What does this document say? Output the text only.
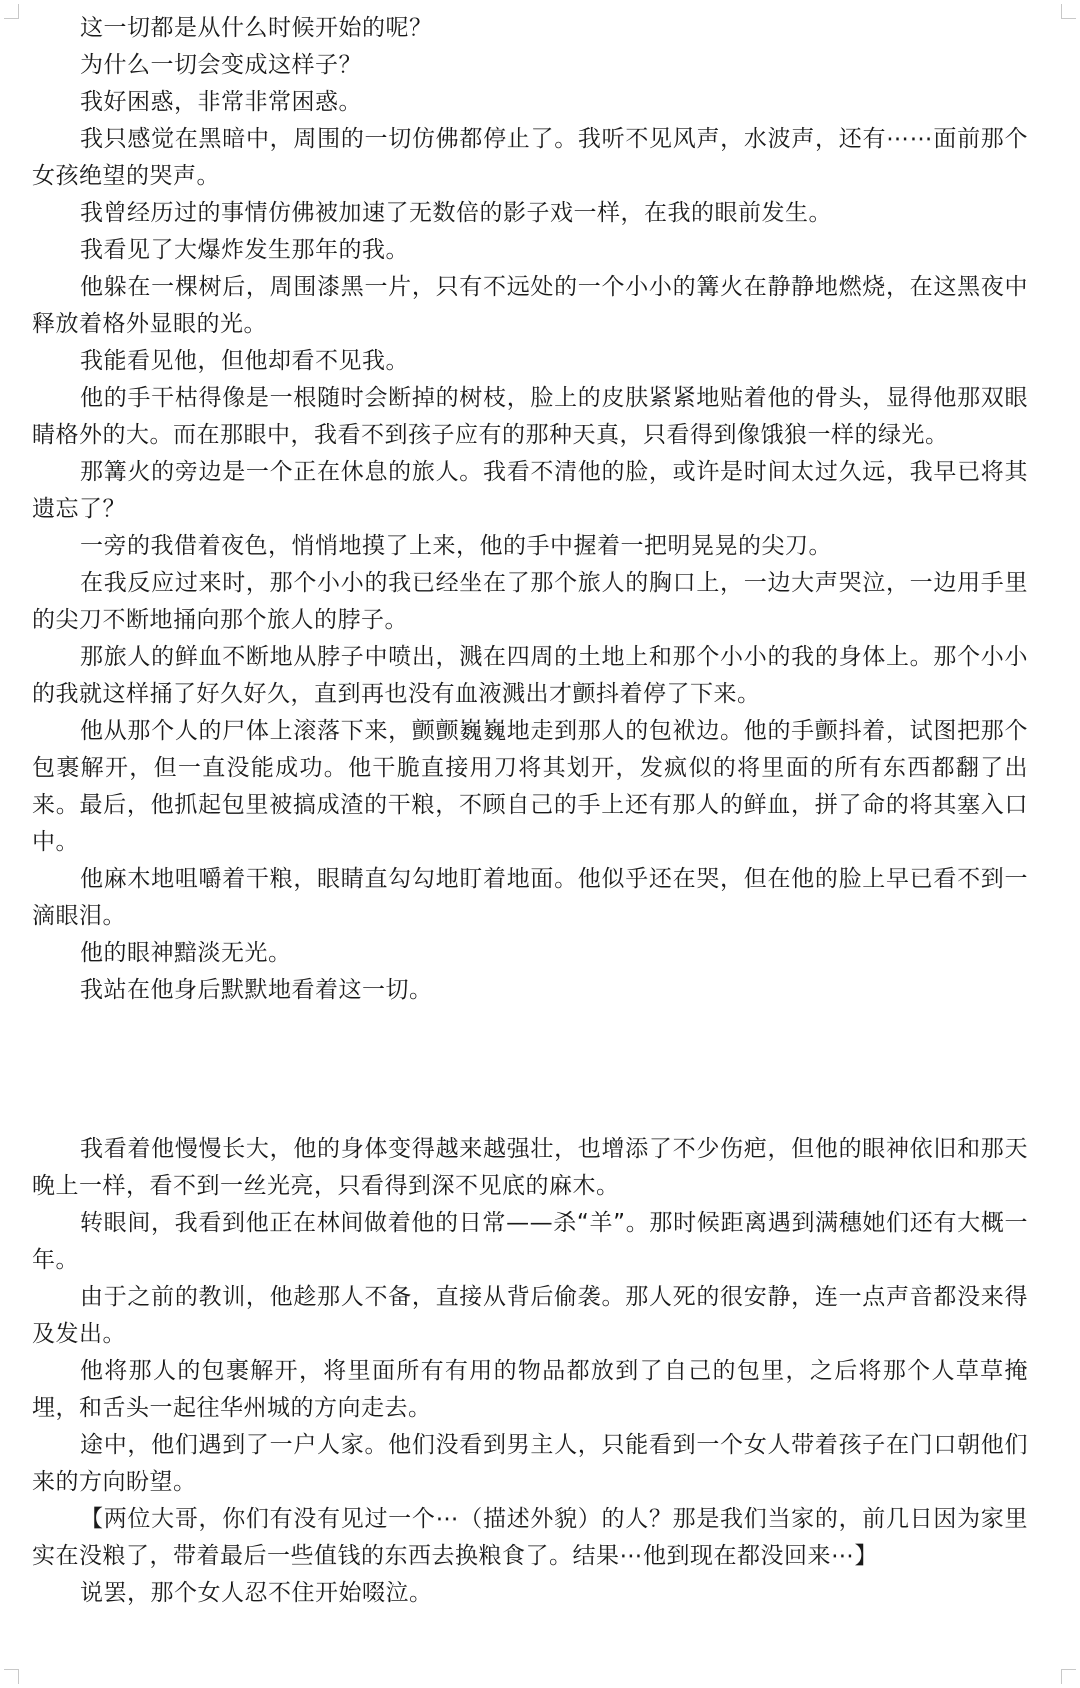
这一切都是从什么时候开始的呢？

为什么一切会变成这样子？

我好困惑，非常非常困惑。

我只感觉在黑暗中，周围的一切仿佛都停止了。我听不见风声，水波声，还有⋯⋯面前那个女孩绝望的哭声。

我曾经历过的事情仿佛被加速了无数倍的影子戏一样，在我的眼前发生。

我看见了大爆炸发生那年的我。

他躲在一棵树后，周围漆黑一片，只有不远处的一个小小的篝火在静静地燃烧，在这黑夜中释放着格外显眼的光。

我能看见他，但他却看不见我。

他的手干枯得像是一根随时会断掉的树枝，脸上的皮肤紧紧地贴着他的骨头，显得他那双眼睛格外的大。而在那眼中，我看不到孩子应有的那种天真，只看得到像饿狼一样的绿光。

那篝火的旁边是一个正在休息的旅人。我看不清他的脸，或许是时间太过久远，我早已将其遗忘了？

一旁的我借着夜色，悄悄地摸了上来，他的手中握着一把明晃晃的尖刀。

在我反应过来时，那个小小的我已经坐在了那个旅人的胸口上，一边大声哭泣，一边用手里的尖刀不断地捅向那个旅人的脖子。

那旅人的鲜血不断地从脖子中喷出，溅在四周的土地上和那个小小的我的身体上。那个小小的我就这样捅了好久好久，直到再也没有血液溅出才颤抖着停了下来。

他从那个人的尸体上滚落下来，颤颤巍巍地走到那人的包袱边。他的手颤抖着，试图把那个包裹解开，但一直没能成功。他干脆直接用刀将其划开，发疯似的将里面的所有东西都翻了出来。最后，他抓起包里被搞成渣的干粮，不顾自己的手上还有那人的鲜血，拼了命的将其塞入口中。

他麻木地咀嚼着干粮，眼睛直勾勾地盯着地面。他似乎还在哭，但在他的脸上早已看不到一滴眼泪。

他的眼神黯淡无光。

我站在他身后默默地看着这一切。

我看着他慢慢长大，他的身体变得越来越强壮，也增添了不少伤疤，但他的眼神依旧和那天晚上一样，看不到一丝光亮，只看得到深不见底的麻木。

转眼间，我看到他正在林间做着他的日常——杀“羊”。那时候距离遇到满穗她们还有大概一年。

由于之前的教训，他趁那人不备，直接从背后偷袭。那人死的很安静，连一点声音都没来得及发出。

他将那人的包裹解开，将里面所有有用的物品都放到了自己的包里，之后将那个人草草掩埋，和舌头一起往华州城的方向走去。

途中，他们遇到了一户人家。他们没看到男主人，只能看到一个女人带着孩子在门口朝他们来的方向盼望。

【两位大哥，你们有没有见过一个⋯（描述外貌）的人？那是我们当家的，前几日因为家里实在没粮了，带着最后一些值钱的东西去换粮食了。结果⋯他到现在都没回来⋯】

说罢，那个女人忍不住开始啜泣。
